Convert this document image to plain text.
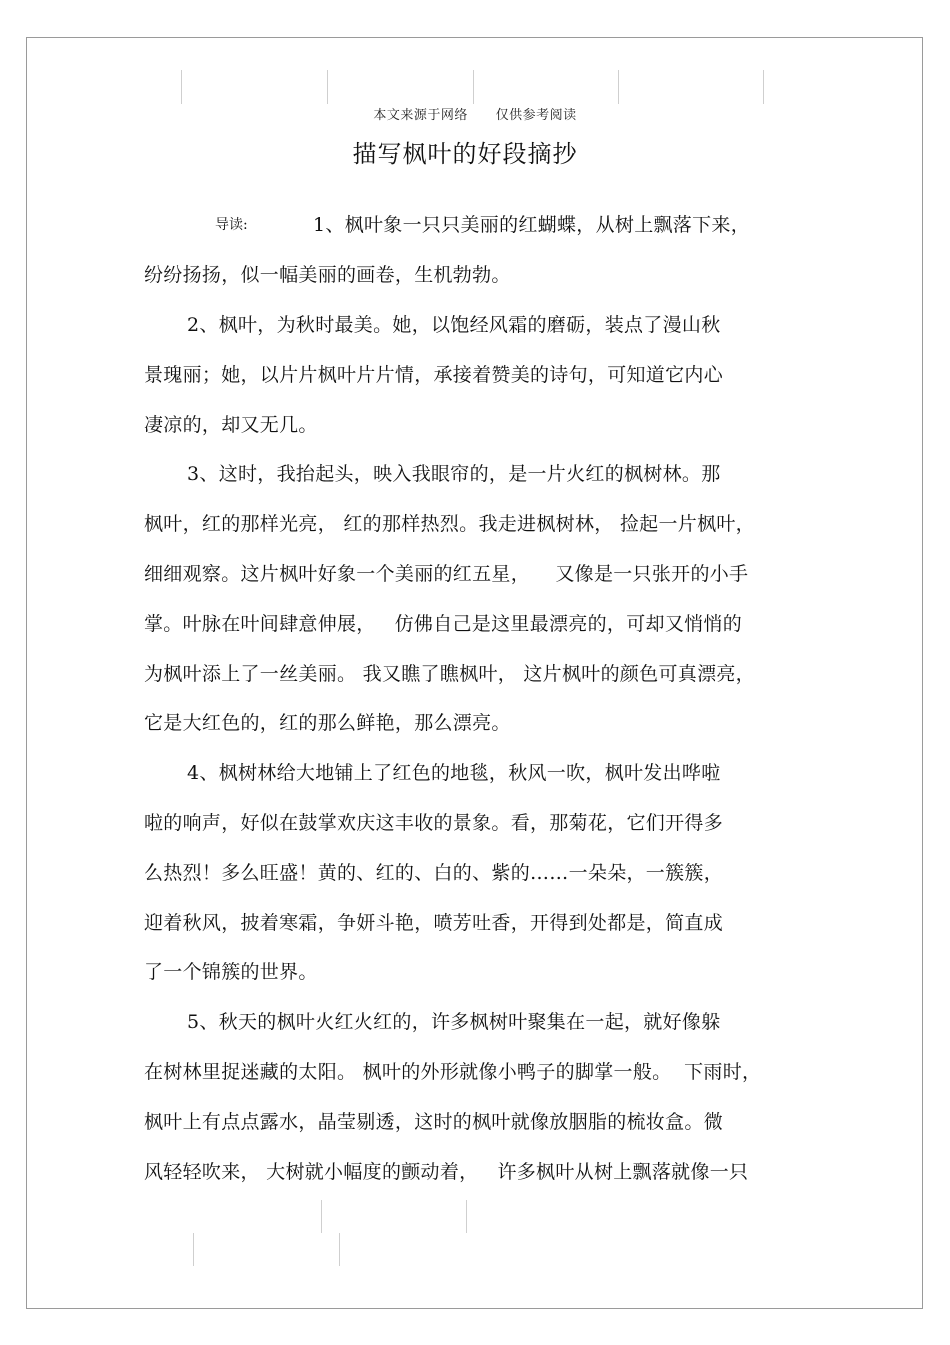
本文来源于网络      仅供参考阅读
描写枫叶的好段摘抄
导读:	1、枫叶象一只只美丽的红蝴蝶，从树上飘落下来，
纷纷扬扬，似一幅美丽的画卷，生机勃勃。
2、枫叶，为秋时最美。她，以饱经风霜的磨砺，装点了漫山秋
景瑰丽；她，以片片枫叶片片情，承接着赞美的诗句，可知道它内心
凄凉的，却又无几。
3、这时，我抬起头，映入我眼帘的，是一片火红的枫树林。那
枫叶，红的那样光亮， 红的那样热烈。我走进枫树林， 捡起一片枫叶，
细细观察。这片枫叶好象一个美丽的红五星，    又像是一只张开的小手
掌。叶脉在叶间肆意伸展，   仿佛自己是这里最漂亮的，可却又悄悄的
为枫叶添上了一丝美丽。 我又瞧了瞧枫叶， 这片枫叶的颜色可真漂亮，
它是大红色的，红的那么鲜艳，那么漂亮。
4、枫树林给大地铺上了红色的地毯，秋风一吹，枫叶发出哗啦
啦的响声，好似在鼓掌欢庆这丰收的景象。看，那菊花，它们开得多
么热烈！多么旺盛！黄的、红的、白的、紫的……一朵朵，一簇簇，
迎着秋风，披着寒霜，争妍斗艳，喷芳吐香，开得到处都是，简直成
了一个锦簇的世界。
5、秋天的枫叶火红火红的，许多枫树叶聚集在一起，就好像躲
在树林里捉迷藏的太阳。 枫叶的外形就像小鸭子的脚掌一般。  下雨时，
枫叶上有点点露水，晶莹剔透，这时的枫叶就像放胭脂的梳妆盒。微
风轻轻吹来， 大树就小幅度的颤动着，   许多枫叶从树上飘落就像一只
